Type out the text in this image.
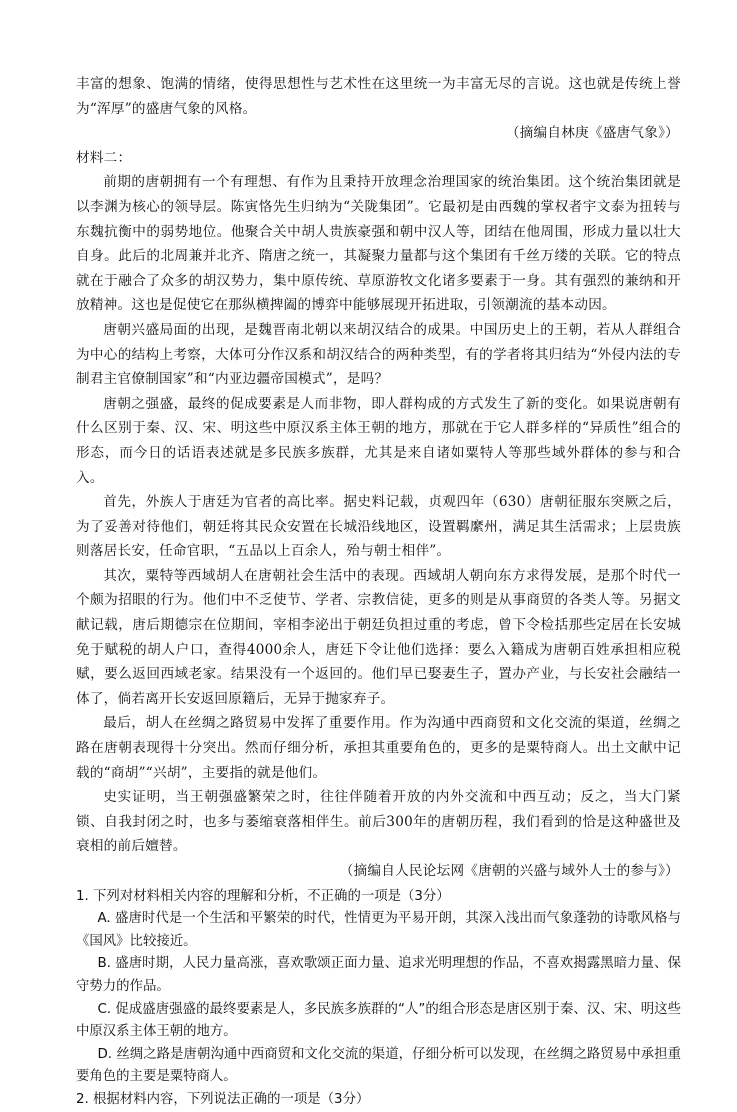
丰富的想象、饱满的情绪，使得思想性与艺术性在这里统一为丰富无尽的言说。这也就是传统上誉为“浑厚”的盛唐气象的风格。

（摘编自林庚《盛唐气象》）

材料二：

前期的唐朝拥有一个有理想、有作为且秉持开放理念治理国家的统治集团。这个统治集团就是以李渊为核心的领导层。陈寅恪先生归纳为“关陇集团”。它最初是由西魏的掌权者宇文泰为扭转与东魏抗衡中的弱势地位。他聚合关中胡人贵族豪强和朝中汉人等，团结在他周围，形成力量以壮大自身。此后的北周兼并北齐、隋唐之统一，其凝聚力量都与这个集团有千丝万缕的关联。它的特点就在于融合了众多的胡汉势力，集中原传统、草原游牧文化诸多要素于一身。其有强烈的兼纳和开放精神。这也是促使它在那纵横捭阖的博弈中能够展现开拓进取，引领潮流的基本动因。

唐朝兴盛局面的出现，是魏晋南北朝以来胡汉结合的成果。中国历史上的王朝，若从人群组合为中心的结构上考察，大体可分作汉系和胡汉结合的两种类型，有的学者将其归结为“外侵内法的专制君主官僚制国家”和“内亚边疆帝国模式”，是吗？

唐朝之强盛，最终的促成要素是人而非物，即人群构成的方式发生了新的变化。如果说唐朝有什么区别于秦、汉、宋、明这些中原汉系主体王朝的地方，那就在于它人群多样的“异质性”组合的形态，而今日的话语表述就是多民族多族群，尤其是来自诸如粟特人等那些域外群体的参与和合入。

首先，外族人于唐廷为官者的高比率。据史料记载，贞观四年（630）唐朝征服东突厥之后，为了妥善对待他们，朝廷将其民众安置在长城沿线地区，设置羁縻州，满足其生活需求；上层贵族则落居长安，任命官职，“五品以上百余人，殆与朝士相伴”。

其次，粟特等西域胡人在唐朝社会生活中的表现。西域胡人朝向东方求得发展，是那个时代一个颇为招眼的行为。他们中不乏使节、学者、宗教信徒，更多的则是从事商贸的各类人等。另据文献记载，唐后期德宗在位期间，宰相李泌出于朝廷负担过重的考虑，曾下令检括那些定居在长安城免于赋税的胡人户口，查得4000余人，唐廷下令让他们选择：要么入籍成为唐朝百姓承担相应税赋，要么返回西域老家。结果没有一个返回的。他们早已娶妻生子，置办产业，与长安社会融结一体了，倘若离开长安返回原籍后，无异于抛家弃子。

最后，胡人在丝绸之路贸易中发挥了重要作用。作为沟通中西商贸和文化交流的渠道，丝绸之路在唐朝表现得十分突出。然而仔细分析，承担其重要角色的，更多的是粟特商人。出土文献中记载的“商胡”“兴胡”，主要指的就是他们。

史实证明，当王朝强盛繁荣之时，往往伴随着开放的内外交流和中西互动；反之，当大门紧锁、自我封闭之时，也多与萎缩衰落相伴生。前后300年的唐朝历程，我们看到的恰是这种盛世及衰相的前后嬗替。

（摘编自人民论坛网《唐朝的兴盛与域外人士的参与》）

1. 下列对材料相关内容的理解和分析，不正确的一项是（3分）

A. 盛唐时代是一个生活和平繁荣的时代，性情更为平易开朗，其深入浅出而气象蓬勃的诗歌风格与《国风》比较接近。

B. 盛唐时期，人民力量高涨，喜欢歌颂正面力量、追求光明理想的作品，不喜欢揭露黑暗力量、保守势力的作品。

C. 促成盛唐强盛的最终要素是人，多民族多族群的“人”的组合形态是唐区别于秦、汉、宋、明这些中原汉系主体王朝的地方。

D. 丝绸之路是唐朝沟通中西商贸和文化交流的渠道，仔细分析可以发现，在丝绸之路贸易中承担重要角色的主要是粟特商人。

2. 根据材料内容，下列说法正确的一项是（3分）
